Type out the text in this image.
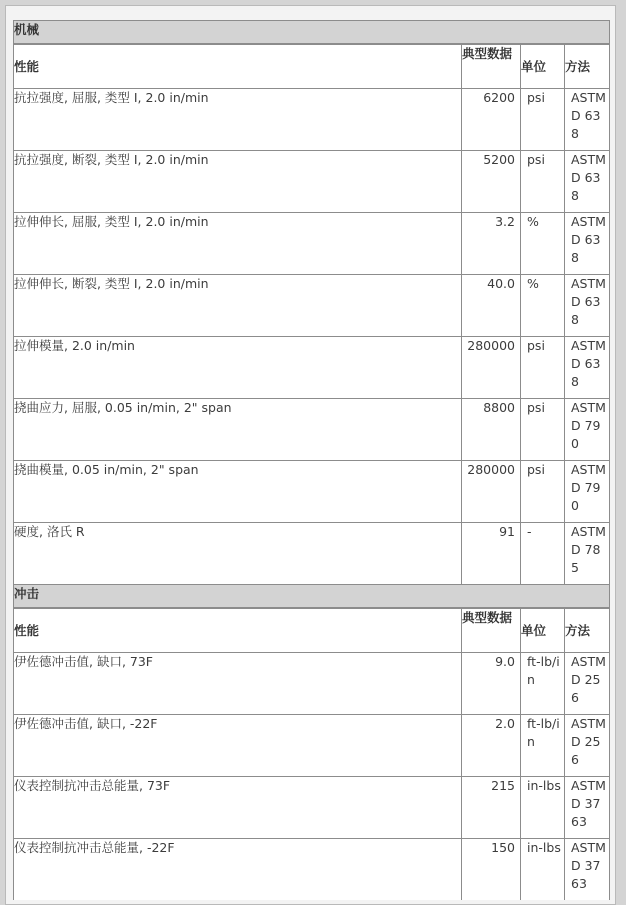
机械			
性能	典型数据	单位	方法
抗拉强度, 屈服, 类型 I, 2.0 in/min	6200	psi	ASTM D 638
抗拉强度, 断裂, 类型 I, 2.0 in/min	5200	psi	ASTM D 638
拉伸伸长, 屈服, 类型 I, 2.0 in/min	3.2	%	ASTM D 638
拉伸伸长, 断裂, 类型 I, 2.0 in/min	40.0	%	ASTM D 638
拉伸模量, 2.0 in/min	280000	psi	ASTM D 638
挠曲应力, 屈服, 0.05 in/min, 2" span	8800	psi	ASTM D 790
挠曲模量, 0.05 in/min, 2" span	280000	psi	ASTM D 790
硬度, 洛氏 R	91	-	ASTM D 785
冲击			
性能	典型数据	单位	方法
伊佐德冲击值, 缺口, 73F	9.0	ft-lb/in	ASTM D 256
伊佐德冲击值, 缺口, -22F	2.0	ft-lb/in	ASTM D 256
仪表控制抗冲击总能量, 73F	215	in-lbs	ASTM D 3763
仪表控制抗冲击总能量, -22F	150	in-lbs	ASTM D 3763
